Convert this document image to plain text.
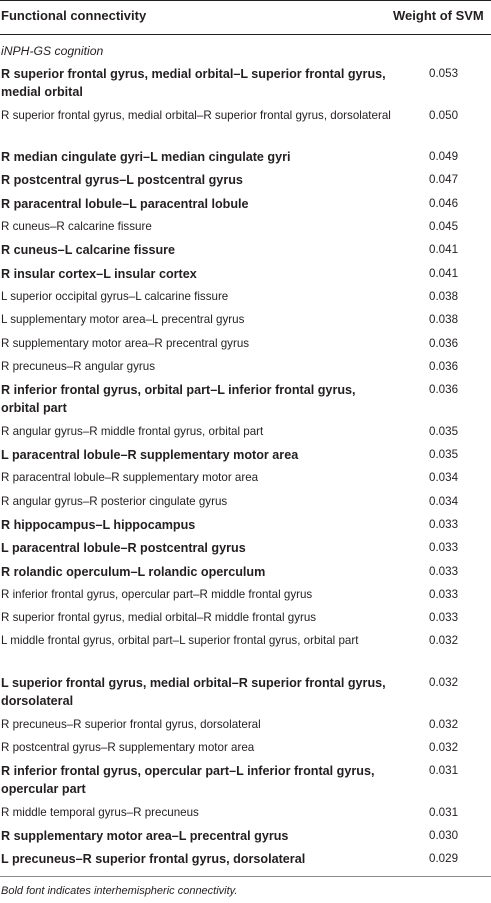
Functional connectivity	Weight of SVM
iNPH-GS cognition
R superior frontal gyrus, medial orbital–L superior frontal gyrus, medial orbital	0.053
R superior frontal gyrus, medial orbital–R superior frontal gyrus, dorsolateral	0.050
R median cingulate gyri–L median cingulate gyri	0.049
R postcentral gyrus–L postcentral gyrus	0.047
R paracentral lobule–L paracentral lobule	0.046
R cuneus–R calcarine fissure	0.045
R cuneus–L calcarine fissure	0.041
R insular cortex–L insular cortex	0.041
L superior occipital gyrus–L calcarine fissure	0.038
L supplementary motor area–L precentral gyrus	0.038
R supplementary motor area–R precentral gyrus	0.036
R precuneus–R angular gyrus	0.036
R inferior frontal gyrus, orbital part–L inferior frontal gyrus, orbital part	0.036
R angular gyrus–R middle frontal gyrus, orbital part	0.035
L paracentral lobule–R supplementary motor area	0.035
R paracentral lobule–R supplementary motor area	0.034
R angular gyrus–R posterior cingulate gyrus	0.034
R hippocampus–L hippocampus	0.033
L paracentral lobule–R postcentral gyrus	0.033
R rolandic operculum–L rolandic operculum	0.033
R inferior frontal gyrus, opercular part–R middle frontal gyrus	0.033
R superior frontal gyrus, medial orbital–R middle frontal gyrus	0.033
L middle frontal gyrus, orbital part–L superior frontal gyrus, orbital part	0.032
L superior frontal gyrus, medial orbital–R superior frontal gyrus, dorsolateral	0.032
R precuneus–R superior frontal gyrus, dorsolateral	0.032
R postcentral gyrus–R supplementary motor area	0.032
R inferior frontal gyrus, opercular part–L inferior frontal gyrus, opercular part	0.031
R middle temporal gyrus–R precuneus	0.031
R supplementary motor area–L precentral gyrus	0.030
L precuneus–R superior frontal gyrus, dorsolateral	0.029
Bold font indicates interhemispheric connectivity.
